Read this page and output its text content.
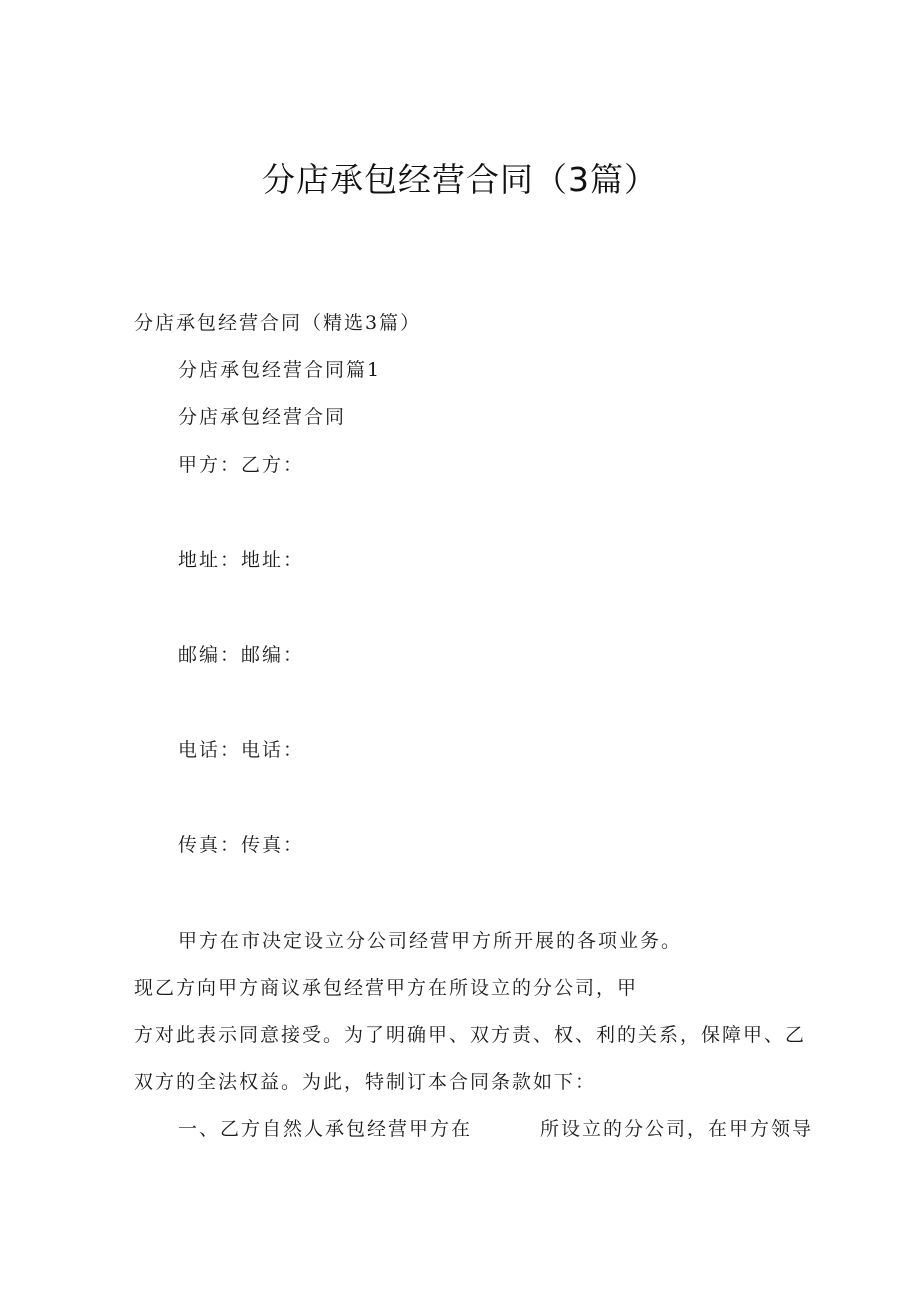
分店承包经营合同（3篇）

分店承包经营合同（精选3篇）

分店承包经营合同篇1

分店承包经营合同

甲方：乙方：

地址：地址：

邮编：邮编：

电话：电话：

传真：传真：

甲方在市决定设立分公司经营甲方所开展的各项业务。

现乙方向甲方商议承包经营甲方在所设立的分公司，甲

方对此表示同意接受。为了明确甲、双方责、权、利的关系，保障甲、乙

双方的全法权益。为此，特制订本合同条款如下：

一、乙方自然人承包经营甲方在	所设立的分公司，在甲方领导
